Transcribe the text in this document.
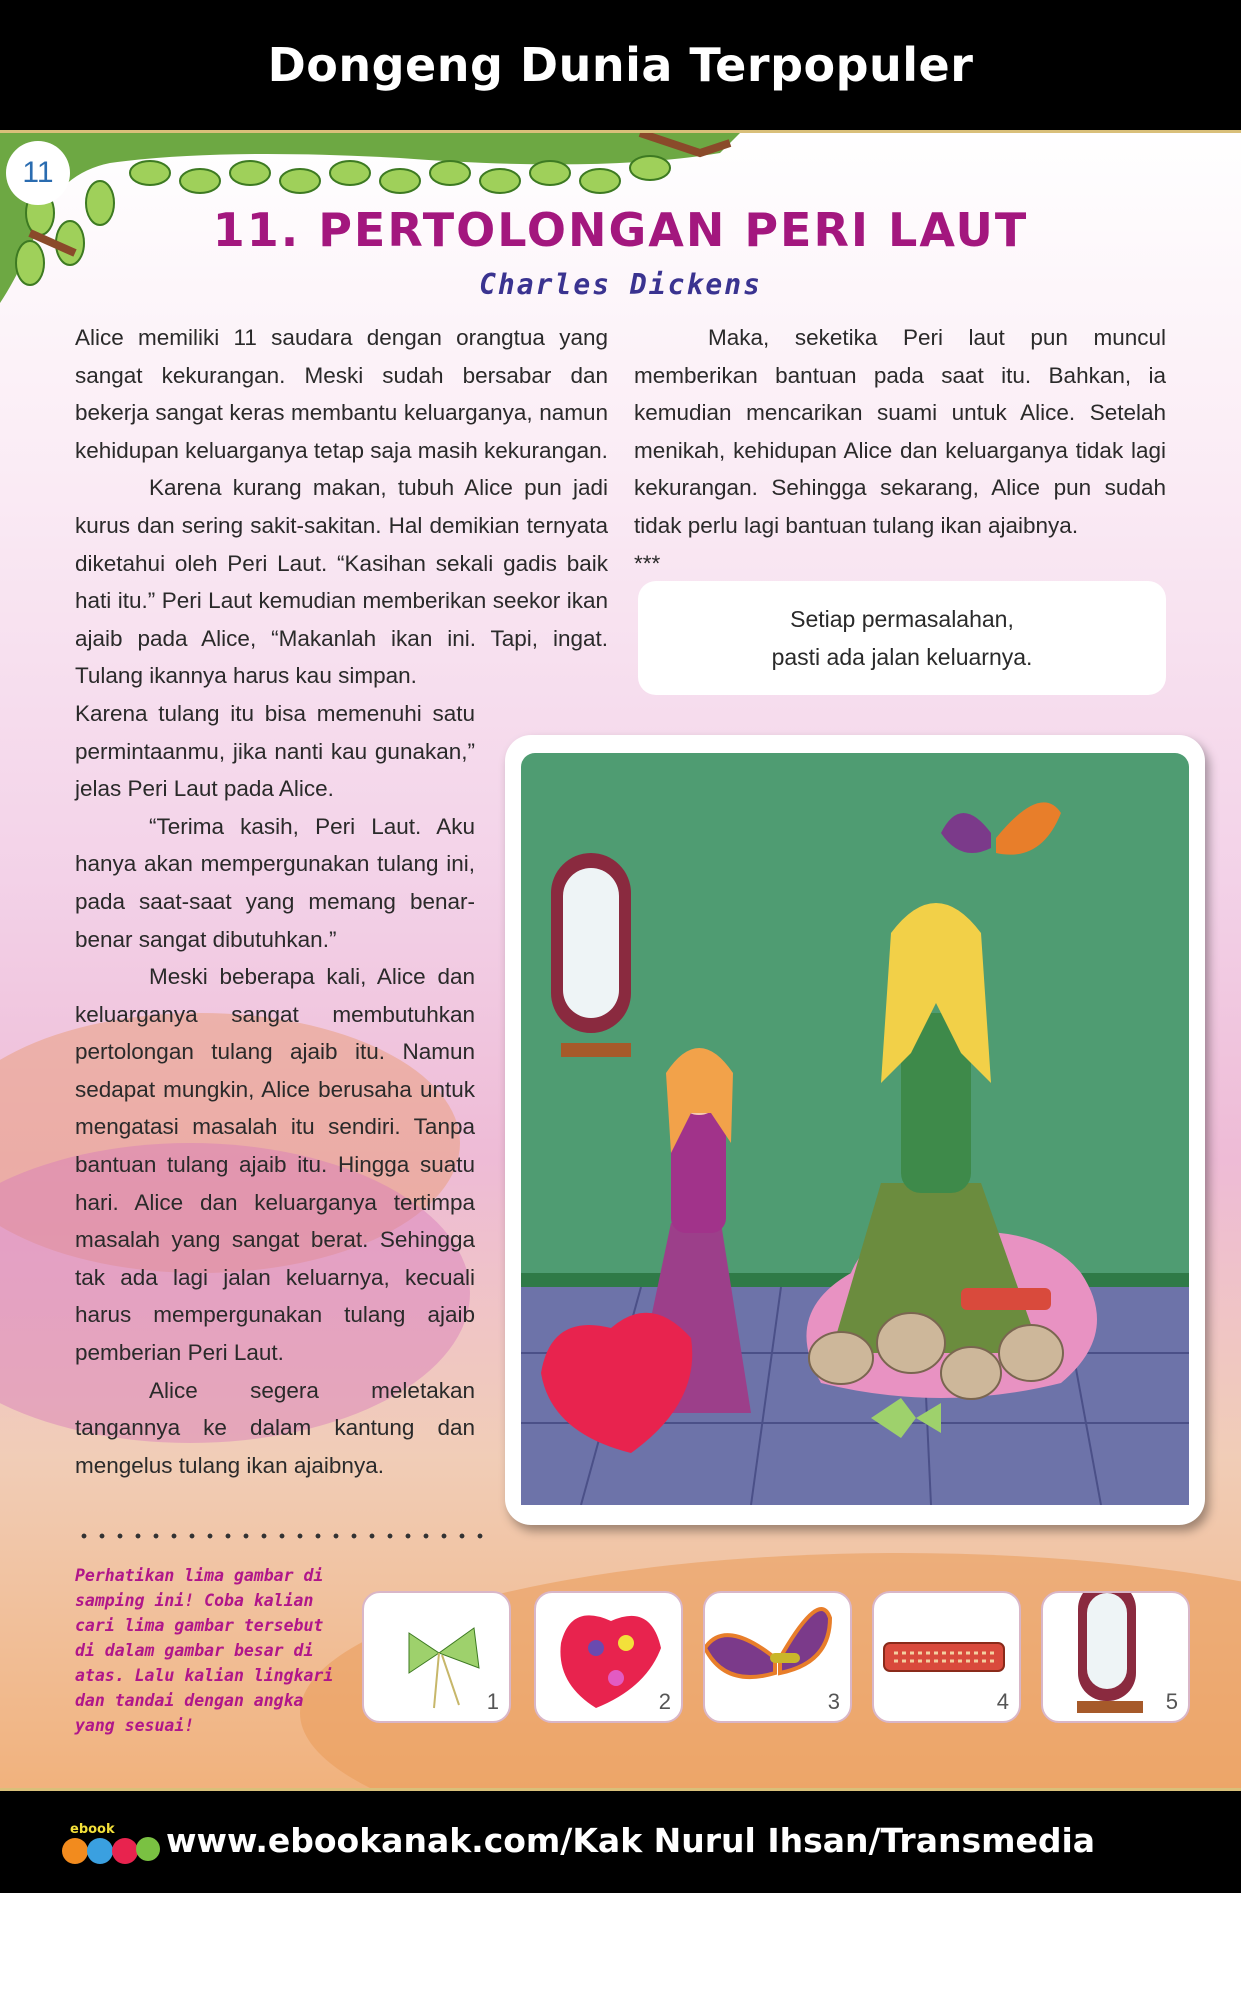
Dongeng Dunia Terpopuler
11
11. PERTOLONGAN PERI LAUT

Charles Dickens

Alice memiliki 11 saudara dengan orangtua yang sangat kekurangan. Meski sudah bersabar dan bekerja sangat keras membantu keluarganya, namun kehidupan keluarganya tetap saja masih kekurangan.

Karena kurang makan, tubuh Alice pun jadi kurus dan sering sakit-sakitan. Hal demikian ternyata diketahui oleh Peri Laut. “Kasihan sekali gadis baik hati itu.” Peri Laut kemudian memberikan seekor ikan ajaib pada Alice, “Makanlah ikan ini. Tapi, ingat. Tulang ikannya harus kau simpan.

Karena tulang itu bisa memenuhi satu permintaanmu, jika nanti kau gunakan,” jelas Peri Laut pada Alice.

“Terima kasih, Peri Laut. Aku hanya akan mempergunakan tulang ini, pada saat-saat yang memang benar-benar sangat dibutuhkan.”

Meski beberapa kali, Alice dan keluarganya sangat membutuhkan pertolongan tulang ajaib itu. Namun sedapat mungkin, Alice berusaha untuk mengatasi masalah itu sendiri. Tanpa bantuan tulang ajaib itu. Hingga suatu hari. Alice dan keluarganya tertimpa masalah yang sangat berat. Sehingga tak ada lagi jalan keluarnya, kecuali harus mempergunakan tulang ajaib pemberian Peri Laut.

Alice segera meletakan tangannya ke dalam kantung dan mengelus tulang ikan ajaibnya.

Maka, seketika Peri laut pun muncul memberikan bantuan pada saat itu. Bahkan, ia kemudian mencarikan suami untuk Alice. Setelah menikah, kehidupan Alice dan keluarganya tidak lagi kekurangan. Sehingga sekarang, Alice pun sudah tidak perlu lagi bantuan tulang ikan ajaibnya.

***

Setiap permasalahan,
pasti ada jalan keluarnya.
Perhatikan lima gambar di samping ini! Coba kalian cari lima gambar tersebut di dalam gambar besar di atas. Lalu kalian lingkari dan tandai dengan angka yang sesuai!
1	2	3	4	5
ebook www.ebookanak.com/Kak Nurul Ihsan/Transmedia Pustaka
